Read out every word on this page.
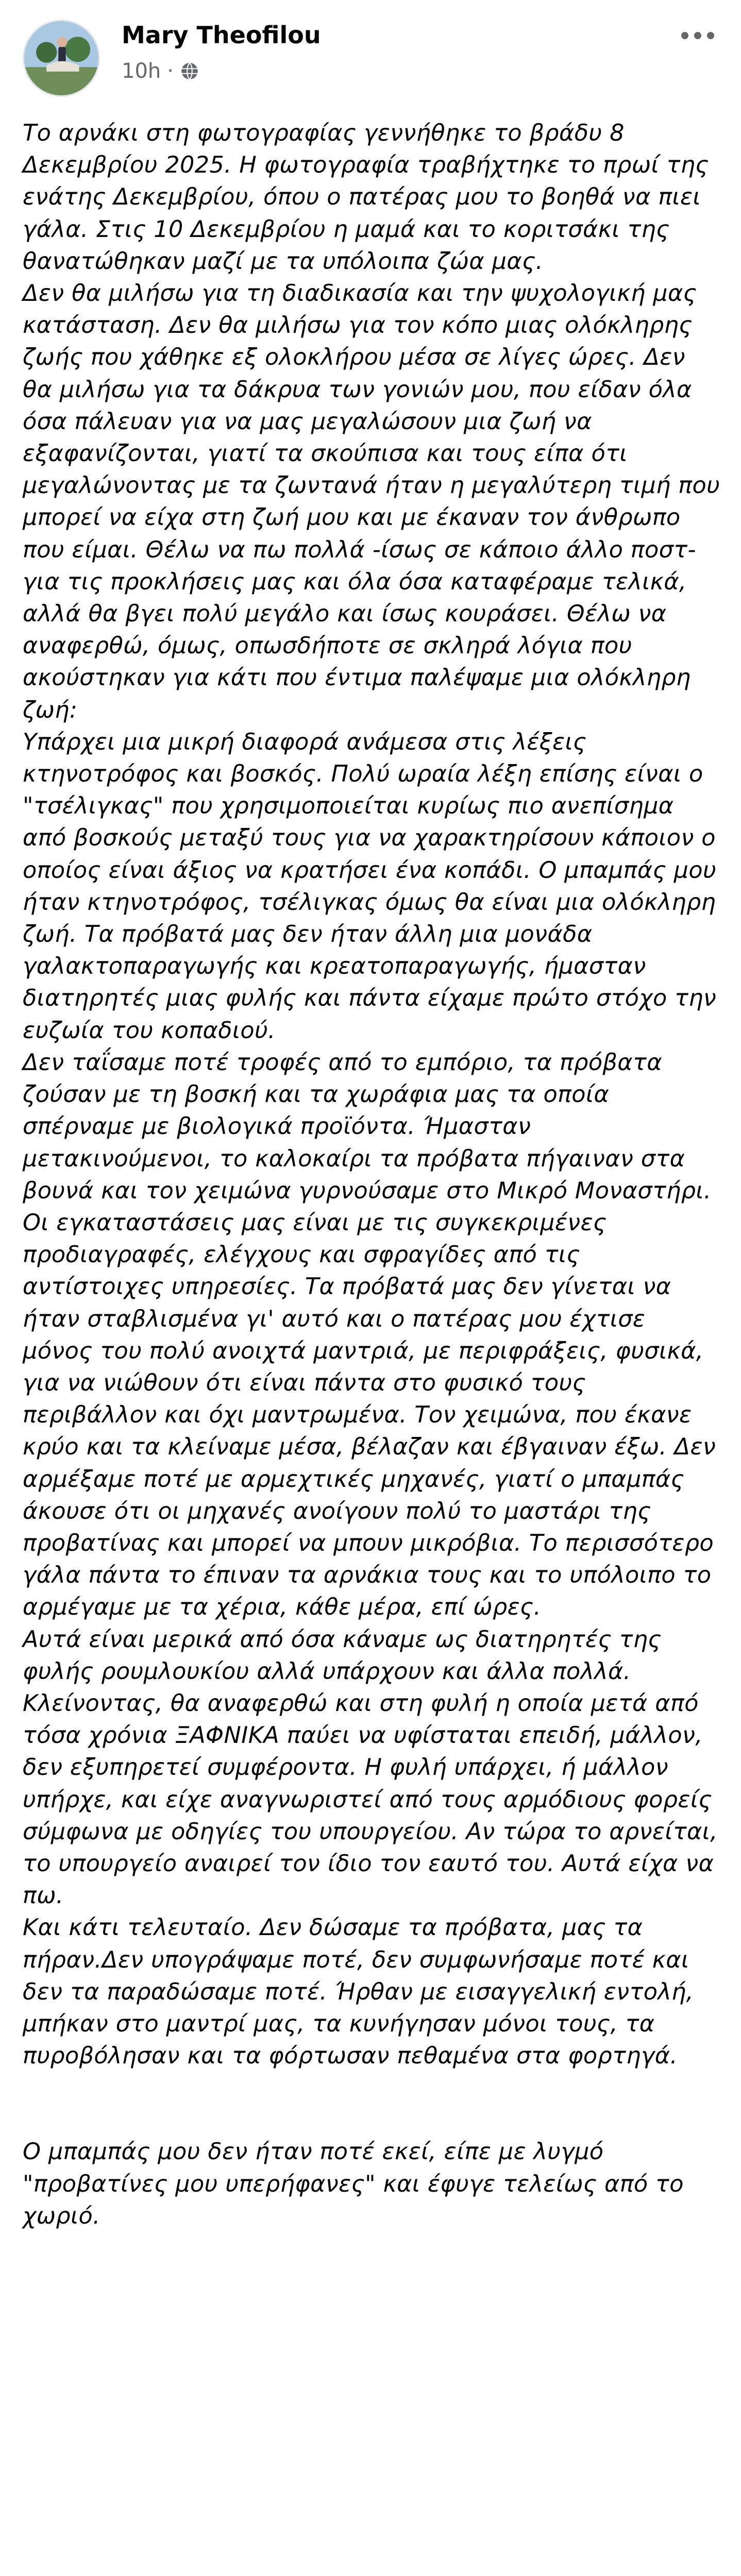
Mary Theofilou
10h ·

Το αρνάκι στη φωτογραφίας γεννήθηκε το βράδυ 8 Δεκεμβρίου 2025. Η φωτογραφία τραβήχτηκε το πρωί της ενάτης Δεκεμβρίου, όπου ο πατέρας μου το βοηθά να πιει γάλα. Στις 10 Δεκεμβρίου η μαμά και το κοριτσάκι της θανατώθηκαν μαζί με τα υπόλοιπα ζώα μας.

Δεν θα μιλήσω για τη διαδικασία και την ψυχολογική μας κατάσταση. Δεν θα μιλήσω για τον κόπο μιας ολόκληρης ζωής που χάθηκε εξ ολοκλήρου μέσα σε λίγες ώρες. Δεν θα μιλήσω για τα δάκρυα των γονιών μου, που είδαν όλα όσα πάλευαν για να μας μεγαλώσουν μια ζωή να εξαφανίζονται, γιατί τα σκούπισα και τους είπα ότι μεγαλώνοντας με τα ζωντανά ήταν η μεγαλύτερη τιμή που μπορεί να είχα στη ζωή μου και με έκαναν τον άνθρωπο που είμαι. Θέλω να πω πολλά -ίσως σε κάποιο άλλο ποστ- για τις προκλήσεις μας και όλα όσα καταφέραμε τελικά, αλλά θα βγει πολύ μεγάλο και ίσως κουράσει. Θέλω να αναφερθώ, όμως, οπωσδήποτε σε σκληρά λόγια που ακούστηκαν για κάτι που έντιμα παλέψαμε μια ολόκληρη ζωή:

Υπάρχει μια μικρή διαφορά ανάμεσα στις λέξεις κτηνοτρόφος και βοσκός. Πολύ ωραία λέξη επίσης είναι ο "τσέλιγκας" που χρησιμοποιείται κυρίως πιο ανεπίσημα από βοσκούς μεταξύ τους για να χαρακτηρίσουν κάποιον ο οποίος είναι άξιος να κρατήσει ένα κοπάδι. Ο μπαμπάς μου ήταν κτηνοτρόφος, τσέλιγκας όμως θα είναι μια ολόκληρη ζωή. Τα πρόβατά μας δεν ήταν άλλη μια μονάδα γαλακτοπαραγωγής και κρεατοπαραγωγής, ήμασταν διατηρητές μιας φυλής και πάντα είχαμε πρώτο στόχο την ευζωία του κοπαδιού.

Δεν ταΐσαμε ποτέ τροφές από το εμπόριο, τα πρόβατα ζούσαν με τη βοσκή και τα χωράφια μας τα οποία σπέρναμε με βιολογικά προϊόντα. Ήμασταν μετακινούμενοι, το καλοκαίρι τα πρόβατα πήγαιναν στα βουνά και τον χειμώνα γυρνούσαμε στο Μικρό Μοναστήρι. Οι εγκαταστάσεις μας είναι με τις συγκεκριμένες προδιαγραφές, ελέγχους και σφραγίδες από τις αντίστοιχες υπηρεσίες. Τα πρόβατά μας δεν γίνεται να ήταν σταβλισμένα γι' αυτό και ο πατέρας μου έχτισε μόνος του πολύ ανοιχτά μαντριά, με περιφράξεις, φυσικά, για να νιώθουν ότι είναι πάντα στο φυσικό τους περιβάλλον και όχι μαντρωμένα. Τον χειμώνα, που έκανε κρύο και τα κλείναμε μέσα, βέλαζαν και έβγαιναν έξω. Δεν αρμέξαμε ποτέ με αρμεχτικές μηχανές, γιατί ο μπαμπάς άκουσε ότι οι μηχανές ανοίγουν πολύ το μαστάρι της προβατίνας και μπορεί να μπουν μικρόβια. Το περισσότερο γάλα πάντα το έπιναν τα αρνάκια τους και το υπόλοιπο το αρμέγαμε με τα χέρια, κάθε μέρα, επί ώρες.

Αυτά είναι μερικά από όσα κάναμε ως διατηρητές της φυλής ρουμλουκίου αλλά υπάρχουν και άλλα πολλά. Κλείνοντας, θα αναφερθώ και στη φυλή η οποία μετά από τόσα χρόνια ΞΑΦΝΙΚΑ παύει να υφίσταται επειδή, μάλλον, δεν εξυπηρετεί συμφέροντα. Η φυλή υπάρχει, ή μάλλον υπήρχε, και είχε αναγνωριστεί από τους αρμόδιους φορείς σύμφωνα με οδηγίες του υπουργείου. Αν τώρα το αρνείται, το υπουργείο αναιρεί τον ίδιο τον εαυτό του. Αυτά είχα να πω.

Και κάτι τελευταίο. Δεν δώσαμε τα πρόβατα, μας τα πήραν.Δεν υπογράψαμε ποτέ, δεν συμφωνήσαμε ποτέ και δεν τα παραδώσαμε ποτέ. Ήρθαν με εισαγγελική εντολή, μπήκαν στο μαντρί μας, τα κυνήγησαν μόνοι τους, τα πυροβόλησαν και τα φόρτωσαν πεθαμένα στα φορτηγά.

Ο μπαμπάς μου δεν ήταν ποτέ εκεί, είπε με λυγμό "προβατίνες μου υπερήφανες" και έφυγε τελείως από το χωριό.
